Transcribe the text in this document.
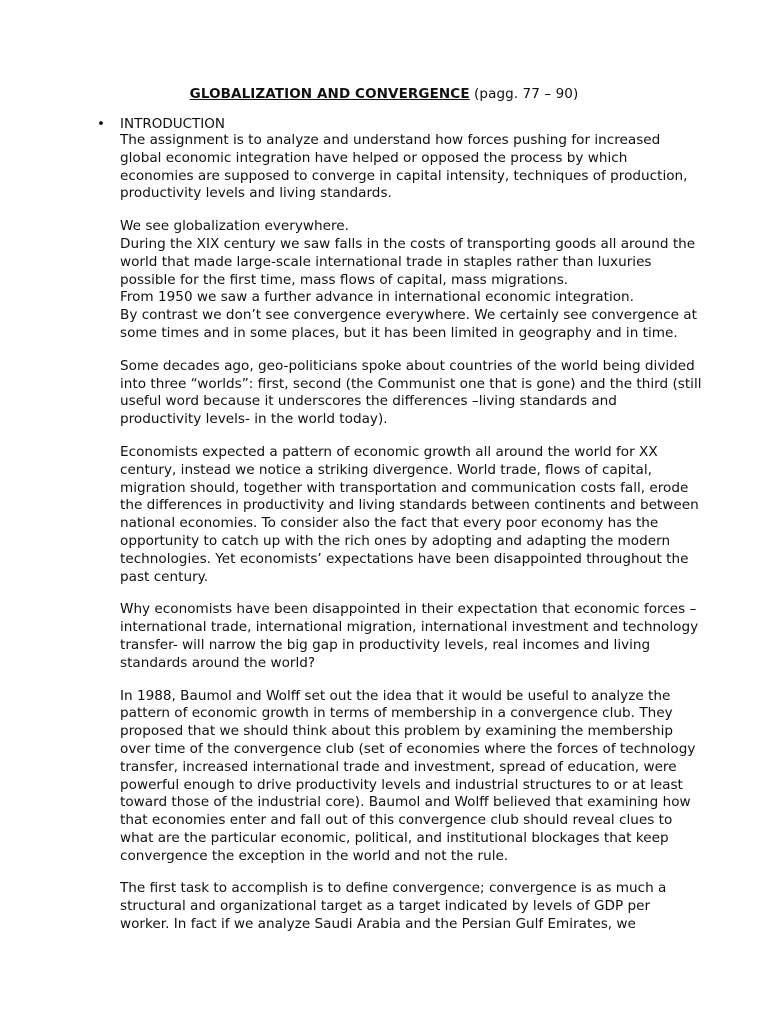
GLOBALIZATION AND CONVERGENCE (pagg. 77 – 90)
• INTRODUCTION

The assignment is to analyze and understand how forces pushing for increased global economic integration have helped or opposed the process by which economies are supposed to converge in capital intensity, techniques of production, productivity levels and living standards.

We see globalization everywhere.

During the XIX century we saw falls in the costs of transporting goods all around the world that made large-scale international trade in staples rather than luxuries possible for the first time, mass flows of capital, mass migrations.

From 1950 we saw a further advance in international economic integration.

By contrast we don’t see convergence everywhere. We certainly see convergence at some times and in some places, but it has been limited in geography and in time.

Some decades ago, geo-politicians spoke about countries of the world being divided into three “worlds”: first, second (the Communist one that is gone) and the third (still useful word because it underscores the differences –living standards and productivity levels- in the world today).

Economists expected a pattern of economic growth all around the world for XX century, instead we notice a striking divergence. World trade, flows of capital, migration should, together with transportation and communication costs fall, erode the differences in productivity and living standards between continents and between national economies. To consider also the fact that every poor economy has the opportunity to catch up with the rich ones by adopting and adapting the modern technologies. Yet economists’ expectations have been disappointed throughout the past century.

Why economists have been disappointed in their expectation that economic forces –international trade, international migration, international investment and technology transfer- will narrow the big gap in productivity levels, real incomes and living standards around the world?

In 1988, Baumol and Wolff set out the idea that it would be useful to analyze the pattern of economic growth in terms of membership in a convergence club. They proposed that we should think about this problem by examining the membership over time of the convergence club (set of economies where the forces of technology transfer, increased international trade and investment, spread of education, were powerful enough to drive productivity levels and industrial structures to or at least toward those of the industrial core). Baumol and Wolff believed that examining how that economies enter and fall out of this convergence club should reveal clues to what are the particular economic, political, and institutional blockages that keep convergence the exception in the world and not the rule.

The first task to accomplish is to define convergence; convergence is as much a structural and organizational target as a target indicated by levels of GDP per worker. In fact if we analyze Saudi Arabia and the Persian Gulf Emirates, we
